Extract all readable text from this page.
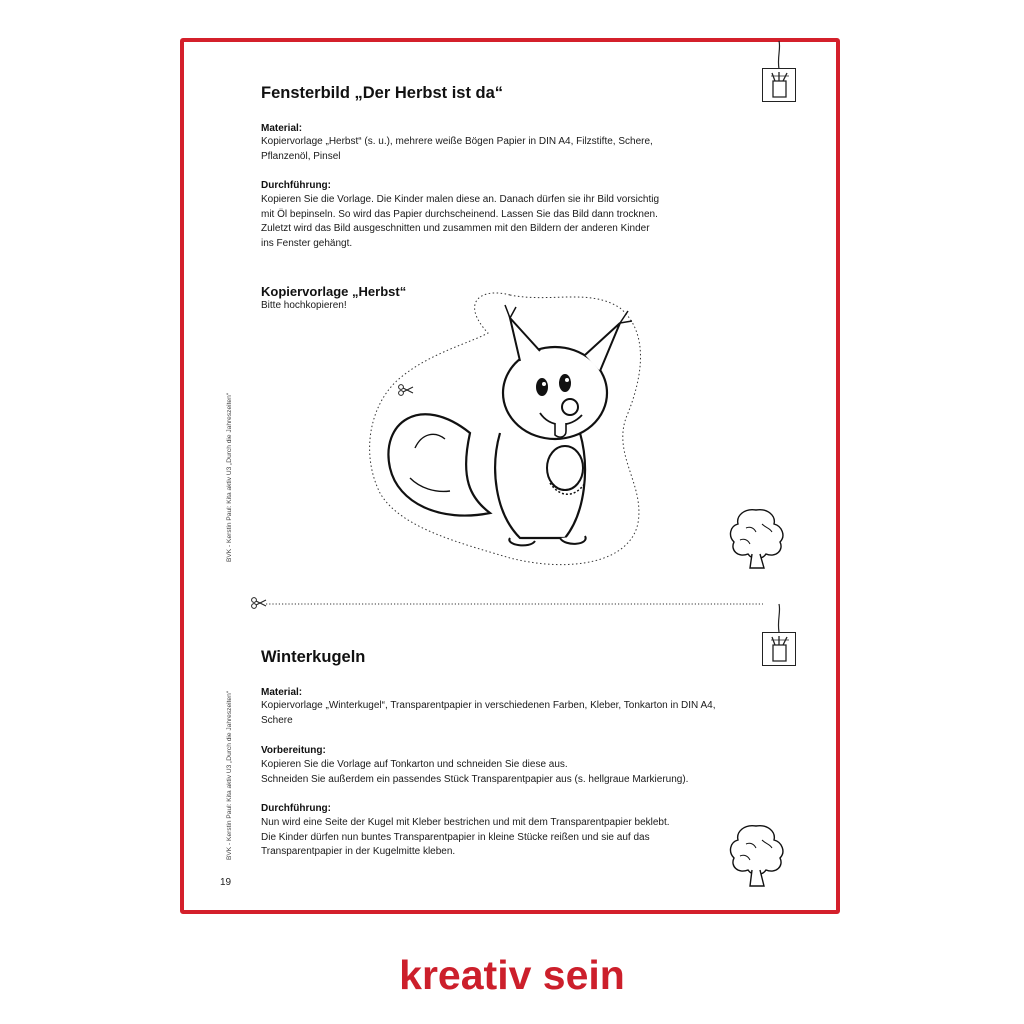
Fensterbild „Der Herbst ist da“
Material:
Kopiervorlage „Herbst“ (s. u.), mehrere weiße Bögen Papier in DIN A4, Filzstifte, Schere,
Pflanzenöl, Pinsel
Durchführung:
Kopieren Sie die Vorlage. Die Kinder malen diese an. Danach dürfen sie ihr Bild vorsichtig
mit Öl bepinseln. So wird das Papier durchscheinend. Lassen Sie das Bild dann trocknen.
Zuletzt wird das Bild ausgeschnitten und zusammen mit den Bildern der anderen Kinder
ins Fenster gehängt.
Kopiervorlage „Herbst“
Bitte hochkopieren!
BVK - Kerstin Paul: Kita aktiv U3 „Durch die Jahreszeiten“
BVK - Kerstin Paul: Kita aktiv U3 „Durch die Jahreszeiten“
Winterkugeln
Material:
Kopiervorlage „Winterkugel“, Transparentpapier in verschiedenen Farben, Kleber, Tonkarton in DIN A4,
Schere
Vorbereitung:
Kopieren Sie die Vorlage auf Tonkarton und schneiden Sie diese aus.
Schneiden Sie außerdem ein passendes Stück Transparentpapier aus (s. hellgraue Markierung).
Durchführung:
Nun wird eine Seite der Kugel mit Kleber bestrichen und mit dem Transparentpapier beklebt.
Die Kinder dürfen nun buntes Transparentpapier in kleine Stücke reißen und sie auf das
Transparentpapier in der Kugelmitte kleben.
19
kreativ sein
